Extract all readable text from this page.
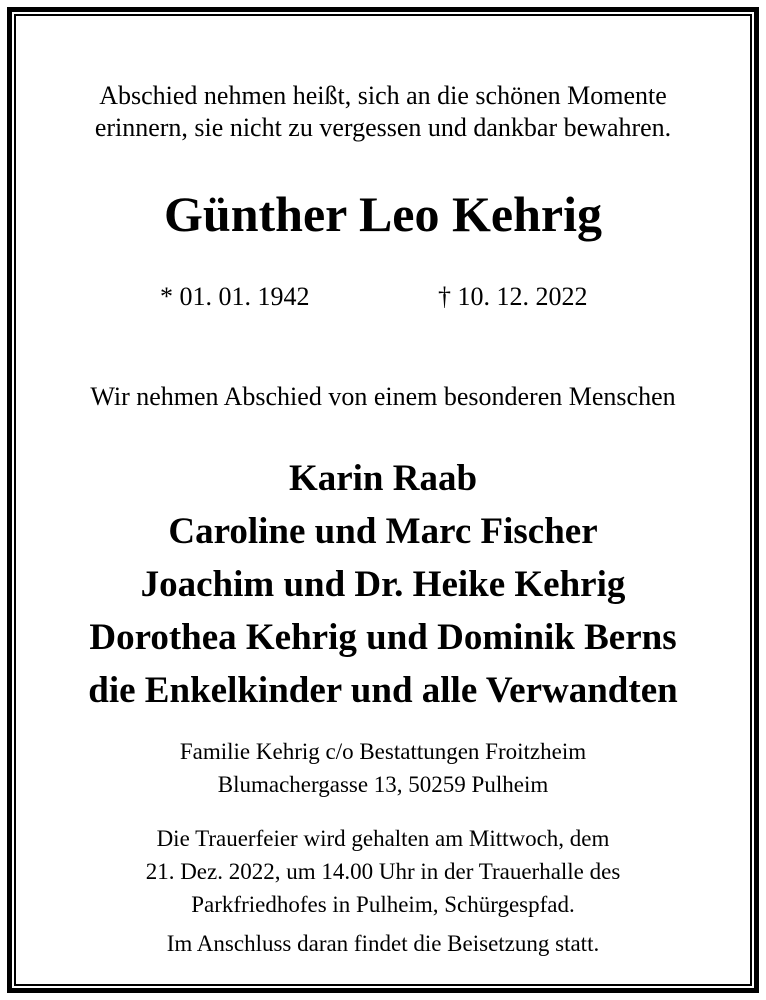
Abschied nehmen heißt, sich an die schönen Momente
erinnern, sie nicht zu vergessen und dankbar bewahren.
Günther Leo Kehrig
* 01. 01. 1942	† 10. 12. 2022
Wir nehmen Abschied von einem besonderen Menschen
Karin Raab
Caroline und Marc Fischer
Joachim und Dr. Heike Kehrig
Dorothea Kehrig und Dominik Berns
die Enkelkinder und alle Verwandten
Familie Kehrig c/o Bestattungen Froitzheim
Blumachergasse 13, 50259 Pulheim
Die Trauerfeier wird gehalten am Mittwoch, dem
21. Dez. 2022, um 14.00 Uhr in der Trauerhalle des
Parkfriedhofes in Pulheim, Schürgespfad.
Im Anschluss daran findet die Beisetzung statt.
